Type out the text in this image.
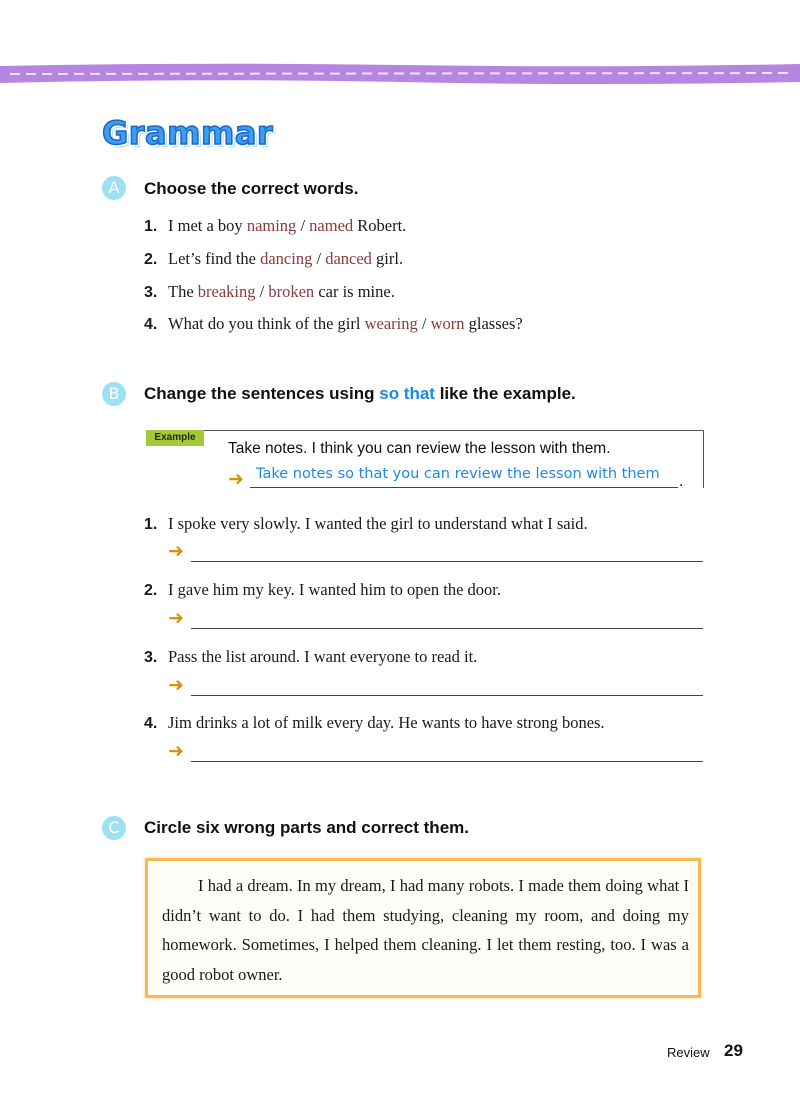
Grammar
A	Choose the correct words.
1. I met a boy naming / named Robert.
2. Let’s find the dancing / danced girl.
3. The breaking / broken car is mine.
4. What do you think of the girl wearing / worn glasses?
B	Change the sentences using so that like the example.
Example
Take notes. I think you can review the lesson with them.
➜ Take notes so that you can review the lesson with them .
1. I spoke very slowly. I wanted the girl to understand what I said.
➜
2. I gave him my key. I wanted him to open the door.
➜
3. Pass the list around. I want everyone to read it.
➜
4. Jim drinks a lot of milk every day. He wants to have strong bones.
➜
C	Circle six wrong parts and correct them.
I had a dream. In my dream, I had many robots. I made them doing what I didn’t want to do. I had them studying, cleaning my room, and doing my homework. Sometimes, I helped them cleaning. I let them resting, too. I was a good robot owner.
Review 29
